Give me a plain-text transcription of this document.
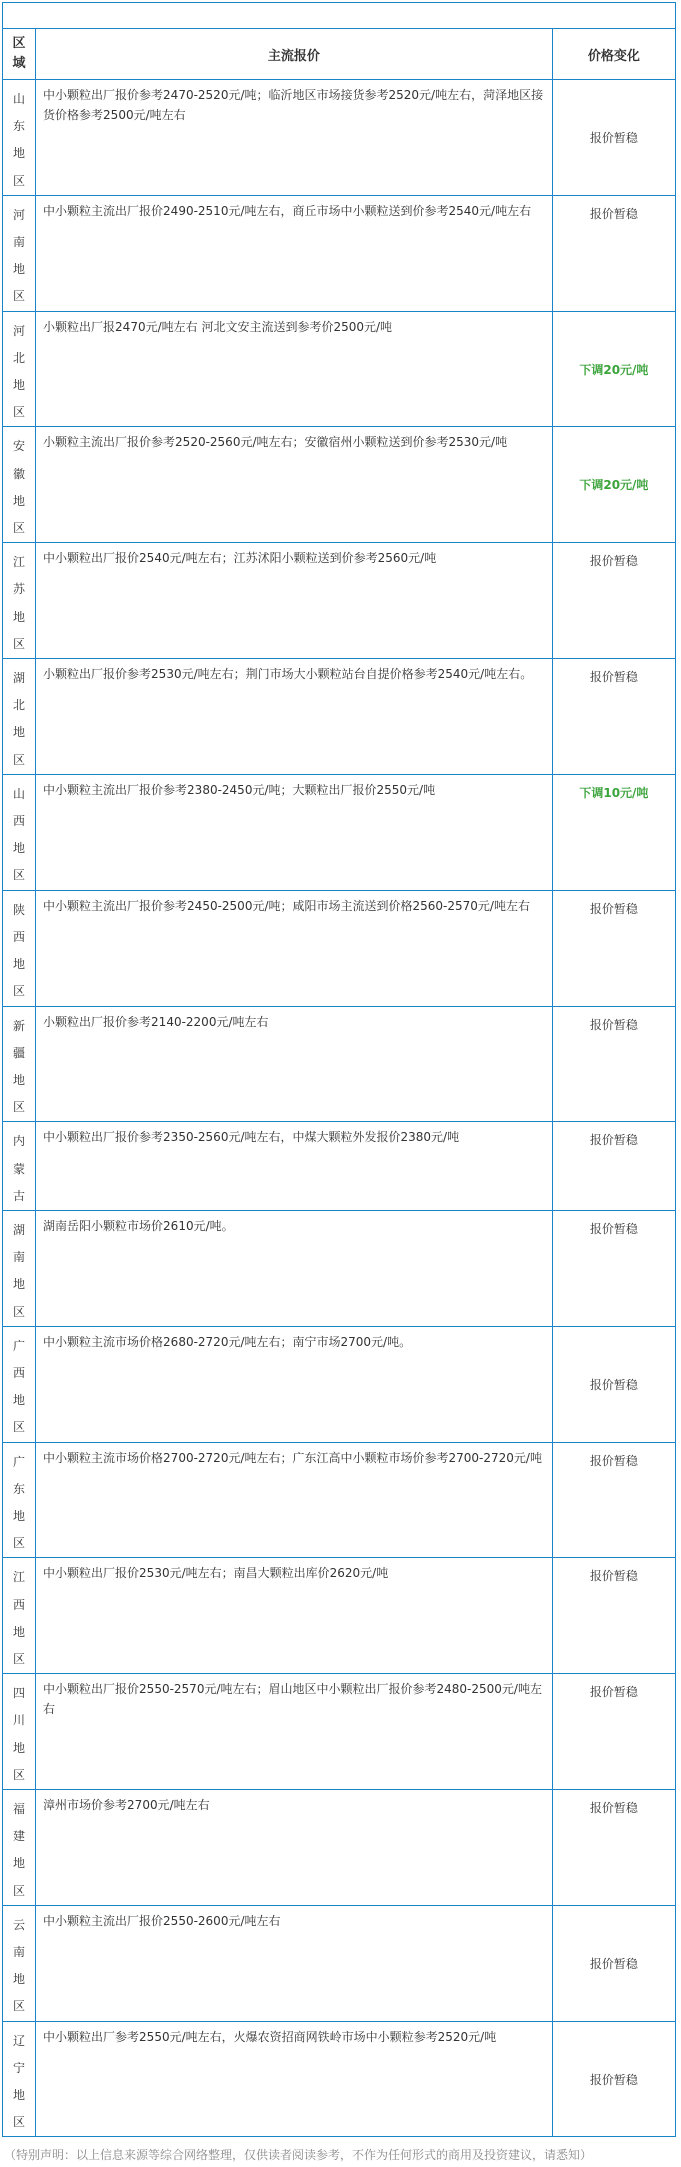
区域	主流报价	价格变化

山东地区	中小颗粒出厂报价参考2470-2520元/吨；临沂地区市场接货参考2520元/吨左右，菏泽地区接货价格参考2500元/吨左右	报价暂稳

河南地区	中小颗粒主流出厂报价2490-2510元/吨左右，商丘市场中小颗粒送到价参考2540元/吨左右	报价暂稳

河北地区	小颗粒出厂报2470元/吨左右 河北文安主流送到参考价2500元/吨	下调20元/吨

安徽地区	小颗粒主流出厂报价参考2520-2560元/吨左右；安徽宿州小颗粒送到价参考2530元/吨	下调20元/吨

江苏地区	中小颗粒出厂报价2540元/吨左右；江苏沭阳小颗粒送到价参考2560元/吨	报价暂稳

湖北地区	小颗粒出厂报价参考2530元/吨左右；荆门市场大小颗粒站台自提价格参考2540元/吨左右。	报价暂稳

山西地区	中小颗粒主流出厂报价参考2380-2450元/吨；大颗粒出厂报价2550元/吨	下调10元/吨

陕西地区	中小颗粒主流出厂报价参考2450-2500元/吨；咸阳市场主流送到价格2560-2570元/吨左右	报价暂稳

新疆地区	小颗粒出厂报价参考2140-2200元/吨左右	报价暂稳

内蒙古	中小颗粒出厂报价参考2350-2560元/吨左右，中煤大颗粒外发报价2380元/吨	报价暂稳

湖南地区	湖南岳阳小颗粒市场价2610元/吨。	报价暂稳

广西地区	中小颗粒主流市场价格2680-2720元/吨左右；南宁市场2700元/吨。	报价暂稳

广东地区	中小颗粒主流市场价格2700-2720元/吨左右；广东江高中小颗粒市场价参考2700-2720元/吨	报价暂稳

江西地区	中小颗粒出厂报价2530元/吨左右；南昌大颗粒出库价2620元/吨	报价暂稳

四川地区	中小颗粒出厂报价2550-2570元/吨左右；眉山地区中小颗粒出厂报价参考2480-2500元/吨左右	报价暂稳

福建地区	漳州市场价参考2700元/吨左右	报价暂稳

云南地区	中小颗粒主流出厂报价2550-2600元/吨左右	报价暂稳

辽宁地区	中小颗粒出厂参考2550元/吨左右，火爆农资招商网铁岭市场中小颗粒参考2520元/吨	报价暂稳
（特别声明：以上信息来源等综合网络整理，仅供读者阅读参考，不作为任何形式的商用及投资建议，请悉知）
